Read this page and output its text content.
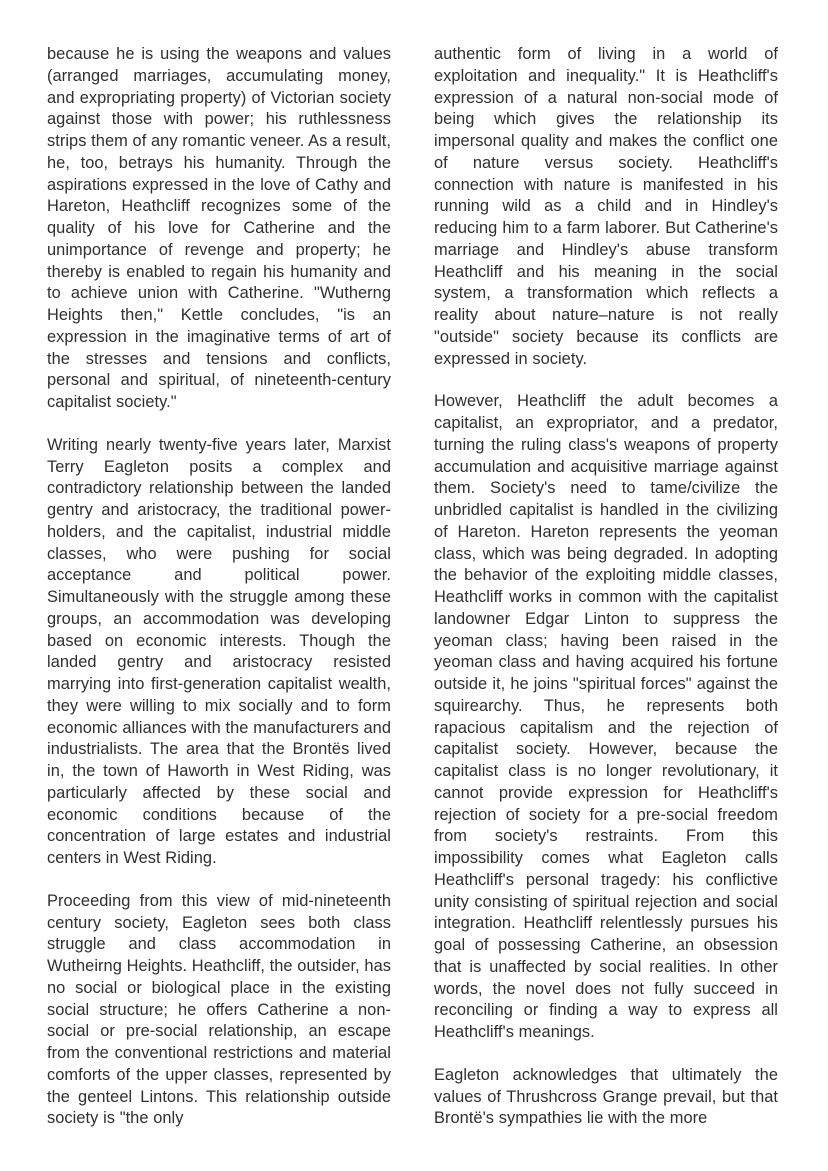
because he is using the weapons and values (arranged marriages, accumulating money, and expropriating property) of Victorian society against those with power; his ruthlessness strips them of any romantic veneer. As a result, he, too, betrays his humanity. Through the aspirations expressed in the love of Cathy and Hareton, Heathcliff recognizes some of the quality of his love for Catherine and the unimportance of revenge and property; he thereby is enabled to regain his humanity and to achieve union with Catherine. "Wutherng Heights then," Kettle concludes, "is an expression in the imaginative terms of art of the stresses and tensions and conflicts, personal and spiritual, of nineteenth-century capitalist society."

Writing nearly twenty-five years later, Marxist Terry Eagleton posits a complex and contradictory relationship between the landed gentry and aristocracy, the traditional power-holders, and the capitalist, industrial middle classes, who were pushing for social acceptance and political power. Simultaneously with the struggle among these groups, an accommodation was developing based on economic interests. Though the landed gentry and aristocracy resisted marrying into first-generation capitalist wealth, they were willing to mix socially and to form economic alliances with the manufacturers and industrialists. The area that the Brontës lived in, the town of Haworth in West Riding, was particularly affected by these social and economic conditions because of the concentration of large estates and industrial centers in West Riding.

Proceeding from this view of mid-nineteenth century society, Eagleton sees both class struggle and class accommodation in Wutheirng Heights. Heathcliff, the outsider, has no social or biological place in the existing social structure; he offers Catherine a non-social or pre-social relationship, an escape from the conventional restrictions and material comforts of the upper classes, represented by the genteel Lintons. This relationship outside society is "the only

authentic form of living in a world of exploitation and inequality." It is Heathcliff's expression of a natural non-social mode of being which gives the relationship its impersonal quality and makes the conflict one of nature versus society. Heathcliff's connection with nature is manifested in his running wild as a child and in Hindley's reducing him to a farm laborer. But Catherine's marriage and Hindley's abuse transform Heathcliff and his meaning in the social system, a transformation which reflects a reality about nature–nature is not really "outside" society because its conflicts are expressed in society.

However, Heathcliff the adult becomes a capitalist, an expropriator, and a predator, turning the ruling class's weapons of property accumulation and acquisitive marriage against them. Society's need to tame/civilize the unbridled capitalist is handled in the civilizing of Hareton. Hareton represents the yeoman class, which was being degraded. In adopting the behavior of the exploiting middle classes, Heathcliff works in common with the capitalist landowner Edgar Linton to suppress the yeoman class; having been raised in the yeoman class and having acquired his fortune outside it, he joins "spiritual forces" against the squirearchy. Thus, he represents both rapacious capitalism and the rejection of capitalist society. However, because the capitalist class is no longer revolutionary, it cannot provide expression for Heathcliff's rejection of society for a pre-social freedom from society's restraints. From this impossibility comes what Eagleton calls Heathcliff's personal tragedy: his conflictive unity consisting of spiritual rejection and social integration. Heathcliff relentlessly pursues his goal of possessing Catherine, an obsession that is unaffected by social realities. In other words, the novel does not fully succeed in reconciling or finding a way to express all Heathcliff's meanings.

Eagleton acknowledges that ultimately the values of Thrushcross Grange prevail, but that Brontë's sympathies lie with the more
